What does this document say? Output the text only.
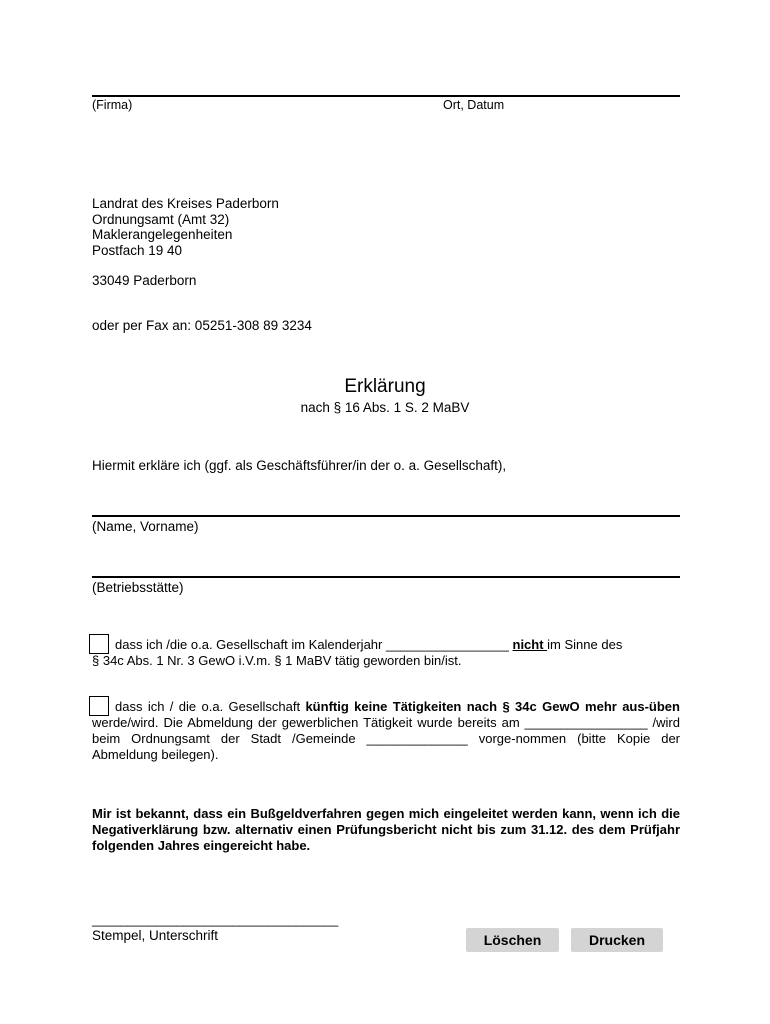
(Firma)	Ort, Datum
Landrat des Kreises Paderborn
Ordnungsamt (Amt 32)
Maklerangelegenheiten
Postfach 19 40
33049 Paderborn
oder per Fax an: 05251-308 89 3234
Erklärung
nach § 16 Abs. 1 S. 2 MaBV
Hiermit erkläre ich (ggf. als Geschäftsführer/in der o. a. Gesellschaft),
(Name, Vorname)
(Betriebsstätte)
dass ich /die o.a. Gesellschaft im Kalenderjahr _________________ nicht im Sinne des
§ 34c Abs. 1 Nr. 3 GewO i.V.m. § 1 MaBV tätig geworden bin/ist.
dass ich / die o.a. Gesellschaft künftig keine Tätigkeiten nach § 34c GewO mehr aus-üben werde/wird. Die Abmeldung der gewerblichen Tätigkeit wurde bereits am _________________ /wird beim Ordnungsamt der Stadt /Gemeinde ______________ vorge-nommen (bitte Kopie der Abmeldung beilegen).
Mir ist bekannt, dass ein Bußgeldverfahren gegen mich eingeleitet werden kann, wenn ich die Negativerklärung bzw. alternativ einen Prüfungsbericht nicht bis zum 31.12. des dem Prüfjahr folgenden Jahres eingereicht habe.
___________________________________
Stempel, Unterschrift	Löschen	Drucken
